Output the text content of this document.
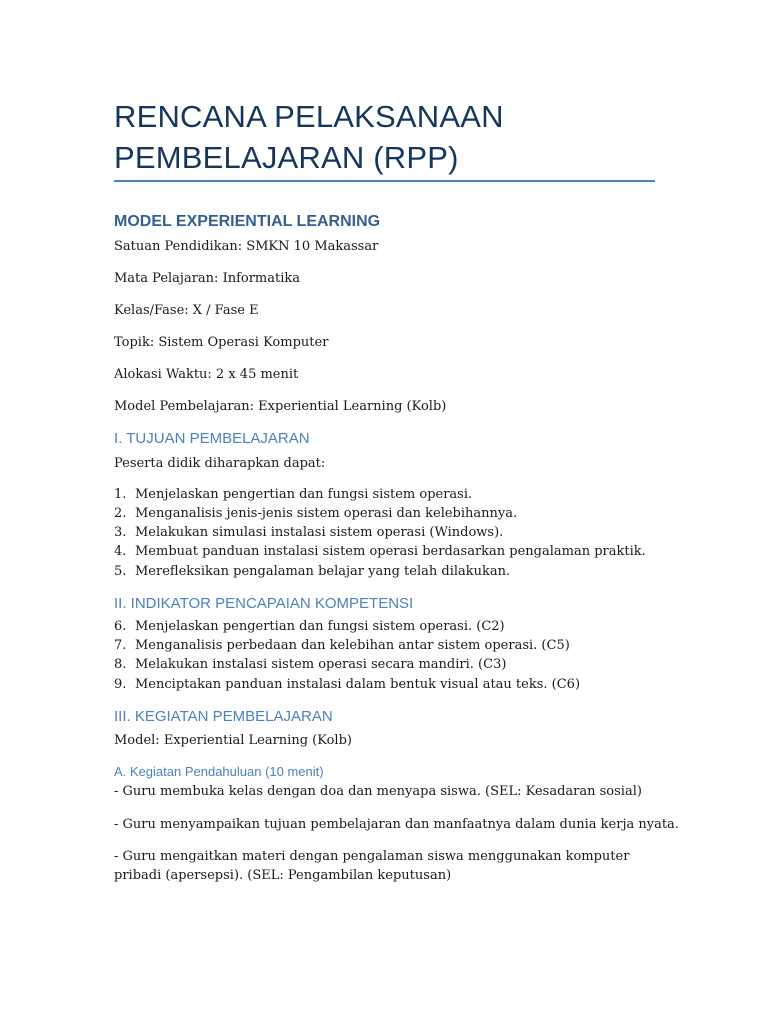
RENCANA PELAKSANAAN
PEMBELAJARAN (RPP)
MODEL EXPERIENTIAL LEARNING
Satuan Pendidikan: SMKN 10 Makassar
Mata Pelajaran: Informatika
Kelas/Fase: X / Fase E
Topik: Sistem Operasi Komputer
Alokasi Waktu: 2 x 45 menit
Model Pembelajaran: Experiential Learning (Kolb)
I. TUJUAN PEMBELAJARAN
Peserta didik diharapkan dapat:
1. Menjelaskan pengertian dan fungsi sistem operasi.
2. Menganalisis jenis-jenis sistem operasi dan kelebihannya.
3. Melakukan simulasi instalasi sistem operasi (Windows).
4. Membuat panduan instalasi sistem operasi berdasarkan pengalaman praktik.
5. Merefleksikan pengalaman belajar yang telah dilakukan.
II. INDIKATOR PENCAPAIAN KOMPETENSI
6. Menjelaskan pengertian dan fungsi sistem operasi. (C2)
7. Menganalisis perbedaan dan kelebihan antar sistem operasi. (C5)
8. Melakukan instalasi sistem operasi secara mandiri. (C3)
9. Menciptakan panduan instalasi dalam bentuk visual atau teks. (C6)
III. KEGIATAN PEMBELAJARAN
Model: Experiential Learning (Kolb)
A. Kegiatan Pendahuluan (10 menit)
- Guru membuka kelas dengan doa dan menyapa siswa. (SEL: Kesadaran sosial)
- Guru menyampaikan tujuan pembelajaran dan manfaatnya dalam dunia kerja nyata.
- Guru mengaitkan materi dengan pengalaman siswa menggunakan komputer pribadi (apersepsi). (SEL: Pengambilan keputusan)
